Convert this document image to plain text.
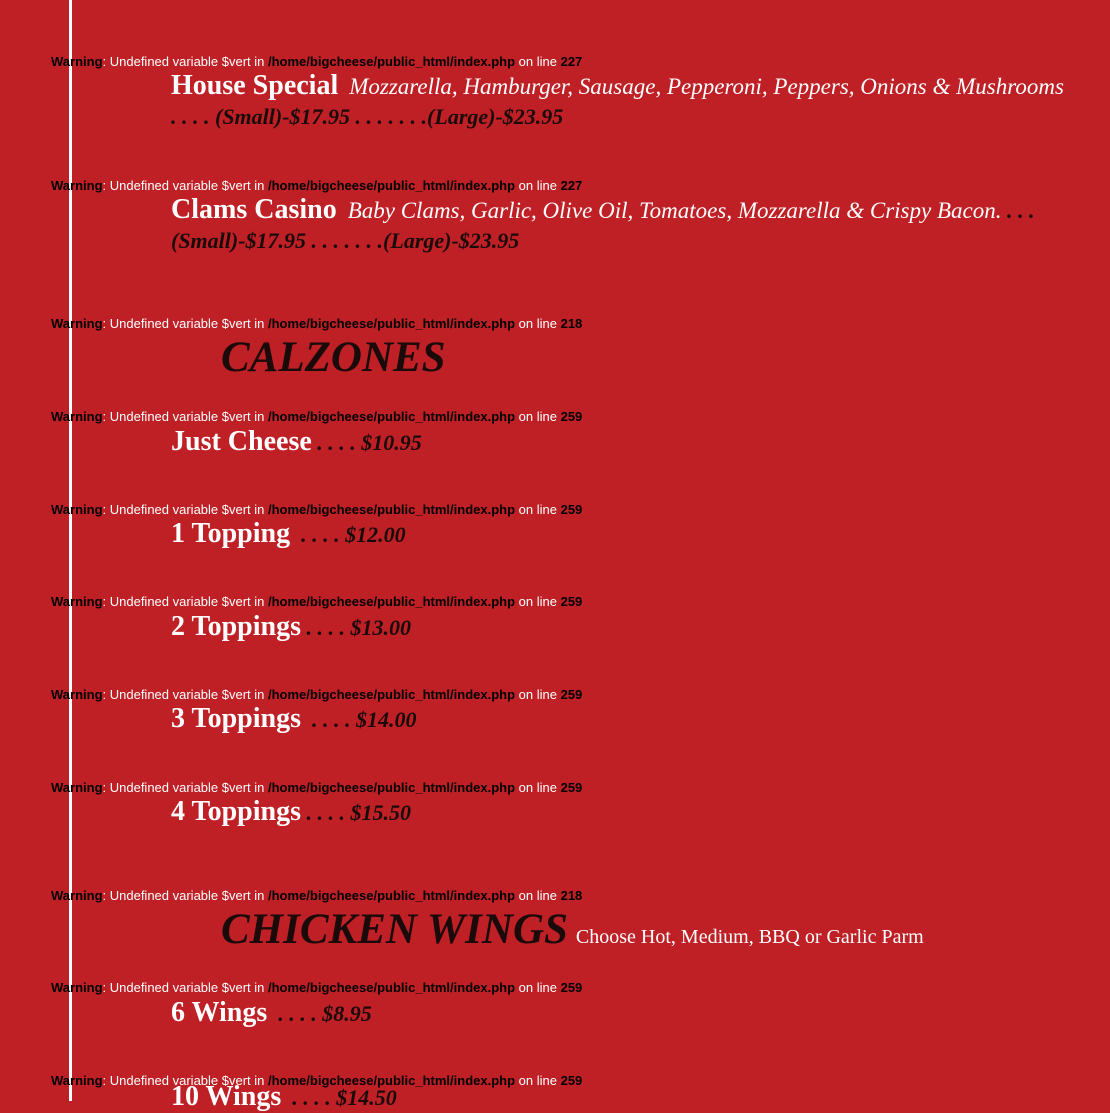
Warning: Undefined variable $vert in /home/bigcheese/public_html/index.php on line 227
House Special Mozzarella, Hamburger, Sausage, Pepperoni, Peppers, Onions & Mushrooms . . . . (Small)-$17.95 . . . . . . .(Large)-$23.95
Warning: Undefined variable $vert in /home/bigcheese/public_html/index.php on line 227
Clams Casino Baby Clams, Garlic, Olive Oil, Tomatoes, Mozzarella & Crispy Bacon. . . . (Small)-$17.95 . . . . . . .(Large)-$23.95
Warning: Undefined variable $vert in /home/bigcheese/public_html/index.php on line 218
CALZONES
Warning: Undefined variable $vert in /home/bigcheese/public_html/index.php on line 259
Just Cheese . . . . $10.95
Warning: Undefined variable $vert in /home/bigcheese/public_html/index.php on line 259
1 Topping  . . . . $12.00
Warning: Undefined variable $vert in /home/bigcheese/public_html/index.php on line 259
2 Toppings . . . . $13.00
Warning: Undefined variable $vert in /home/bigcheese/public_html/index.php on line 259
3 Toppings  . . . . $14.00
Warning: Undefined variable $vert in /home/bigcheese/public_html/index.php on line 259
4 Toppings . . . . $15.50
Warning: Undefined variable $vert in /home/bigcheese/public_html/index.php on line 218
CHICKEN WINGS Choose Hot, Medium, BBQ or Garlic Parm
Warning: Undefined variable $vert in /home/bigcheese/public_html/index.php on line 259
6 Wings  . . . . $8.95
Warning: Undefined variable $vert in /home/bigcheese/public_html/index.php on line 259
10 Wings  . . . . $14.50
